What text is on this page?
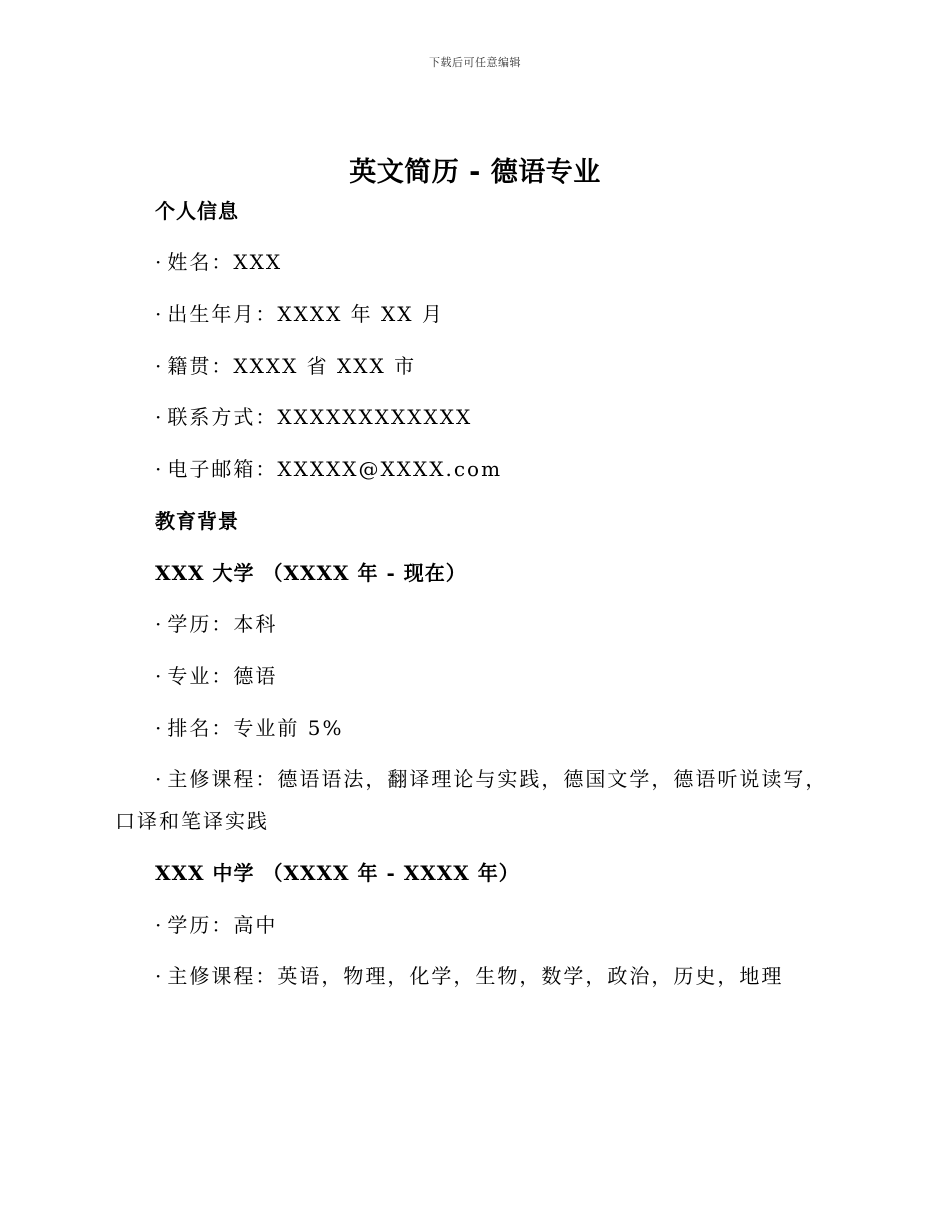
下载后可任意编辑
英文简历 - 德语专业
个人信息
· 姓名：XXX
· 出生年月：XXXX 年 XX 月
· 籍贯：XXXX 省 XXX 市
· 联系方式：XXXXXXXXXXXX
· 电子邮箱：XXXXX@XXXX.com
教育背景
XXX 大学 （XXXX 年 - 现在）
· 学历：本科
· 专业：德语
· 排名：专业前 5%
· 主修课程：德语语法，翻译理论与实践，德国文学，德语听说读写，
口译和笔译实践
XXX 中学 （XXXX 年 - XXXX 年）
· 学历：高中
· 主修课程：英语，物理，化学，生物，数学，政治，历史，地理
